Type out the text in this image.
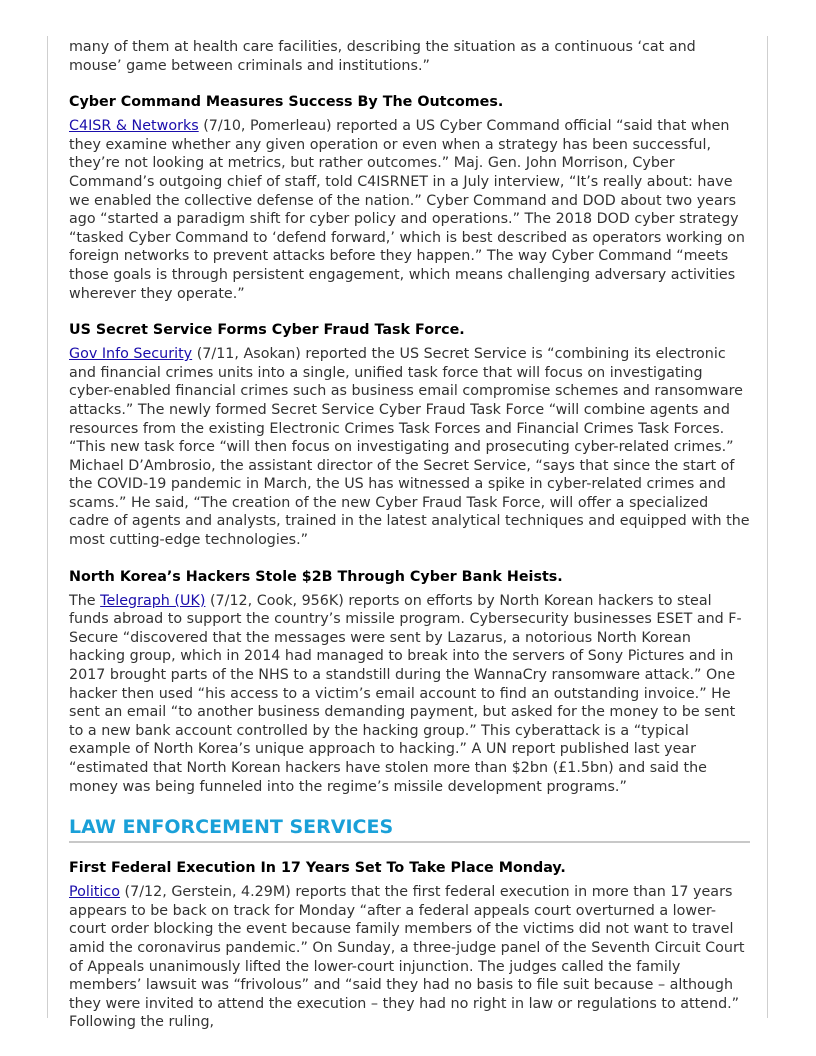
many of them at health care facilities, describing the situation as a continuous ‘cat and mouse’ game between criminals and institutions.”

Cyber Command Measures Success By The Outcomes.

C4ISR & Networks (7/10, Pomerleau) reported a US Cyber Command official “said that when they examine whether any given operation or even when a strategy has been successful, they’re not looking at metrics, but rather outcomes.” Maj. Gen. John Morrison, Cyber Command’s outgoing chief of staff, told C4ISRNET in a July interview, “It’s really about: have we enabled the collective defense of the nation.” Cyber Command and DOD about two years ago “started a paradigm shift for cyber policy and operations.” The 2018 DOD cyber strategy “tasked Cyber Command to ‘defend forward,’ which is best described as operators working on foreign networks to prevent attacks before they happen.” The way Cyber Command “meets those goals is through persistent engagement, which means challenging adversary activities wherever they operate.”

US Secret Service Forms Cyber Fraud Task Force.

Gov Info Security (7/11, Asokan) reported the US Secret Service is “combining its electronic and financial crimes units into a single, unified task force that will focus on investigating cyber-enabled financial crimes such as business email compromise schemes and ransomware attacks.” The newly formed Secret Service Cyber Fraud Task Force “will combine agents and resources from the existing Electronic Crimes Task Forces and Financial Crimes Task Forces. “This new task force “will then focus on investigating and prosecuting cyber-related crimes.” Michael D’Ambrosio, the assistant director of the Secret Service, “says that since the start of the COVID-19 pandemic in March, the US has witnessed a spike in cyber-related crimes and scams.” He said, “The creation of the new Cyber Fraud Task Force, will offer a specialized cadre of agents and analysts, trained in the latest analytical techniques and equipped with the most cutting-edge technologies.”

North Korea’s Hackers Stole $2B Through Cyber Bank Heists.

The Telegraph (UK) (7/12, Cook, 956K) reports on efforts by North Korean hackers to steal funds abroad to support the country’s missile program. Cybersecurity businesses ESET and F-Secure “discovered that the messages were sent by Lazarus, a notorious North Korean hacking group, which in 2014 had managed to break into the servers of Sony Pictures and in 2017 brought parts of the NHS to a standstill during the WannaCry ransomware attack.” One hacker then used “his access to a victim’s email account to find an outstanding invoice.” He sent an email “to another business demanding payment, but asked for the money to be sent to a new bank account controlled by the hacking group.” This cyberattack is a “typical example of North Korea’s unique approach to hacking.” A UN report published last year “estimated that North Korean hackers have stolen more than $2bn (£1.5bn) and said the money was being funneled into the regime’s missile development programs.”

LAW ENFORCEMENT SERVICES
First Federal Execution In 17 Years Set To Take Place Monday.

Politico (7/12, Gerstein, 4.29M) reports that the first federal execution in more than 17 years appears to be back on track for Monday “after a federal appeals court overturned a lower-court order blocking the event because family members of the victims did not want to travel amid the coronavirus pandemic.” On Sunday, a three-judge panel of the Seventh Circuit Court of Appeals unanimously lifted the lower-court injunction. The judges called the family members’ lawsuit was “frivolous” and “said they had no basis to file suit because – although they were invited to attend the execution – they had no right in law or regulations to attend.” Following the ruling,
